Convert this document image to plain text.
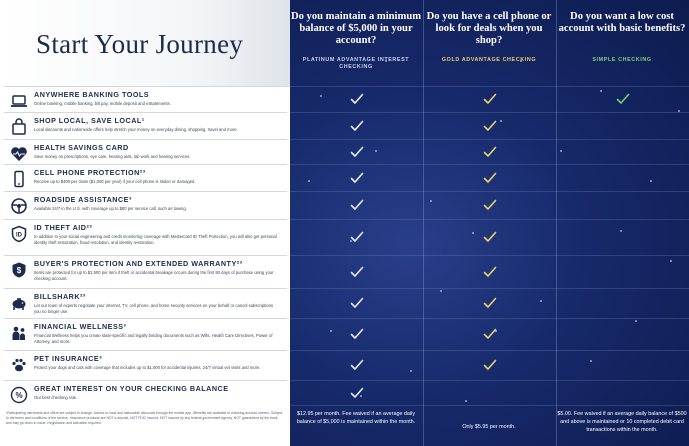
Start Your Journey
ANYWHERE BANKING TOOLS
Online banking, mobile banking, bill pay, mobile deposit and eStatements.
SHOP LOCAL, SAVE LOCAL¹
Local discounts and nationwide offers help stretch your money on everyday dining, shopping, travel and more.
HEALTH SAVINGS CARD
Save money on prescriptions, eye care, hearing aids, lab work and hearing services.
CELL PHONE PROTECTION²³
Receive up to $400 per claim ($1,000 per year) if your cell phone is stolen or damaged.
ROADSIDE ASSISTANCE³
Available 24/7 in the U.S. with coverage up to $80 per service call, such as towing.
ID
ID THEFT AID²³
In addition to your social engineering and credit monitoring coverage with Mastercard ID Theft Protection, you will also get personal identity theft restoration, fraud resolution, and identity restoration.
$
BUYER'S PROTECTION AND EXTENDED WARRANTY²³
Items are protected for up to $2,500 per item if theft or accidental breakage occurs during the first 90 days of purchase using your checking account.
BILLSHARK²³
Let our team of experts negotiate your internet, TV, cell phone, and home security services on your behalf or cancel subscriptions you no longer use.
FINANCIAL WELLNESS³
Financial Wellness helps you create state-specific and legally binding documents such as Wills, Health Care Directives, Power of Attorney, and more.
PET INSURANCE³
Protect your dogs and cats with coverage that includes up to $1,000 for accidental injuries, 24/7 virtual vet visits and more.
%
GREAT INTEREST ON YOUR CHECKING BALANCE
Our best checking rate.
¹Participating merchants and offers are subject to change. Access to local and nationwide discounts through the mobile app. ²Benefits are available to checking account owners. Subject to the terms and conditions of the service. ³Insurance products are NOT a deposit, NOT FDIC insured, NOT insured by any federal government agency, NOT guaranteed by the bank, and may go down in value. Registration and activation required.
Do you maintain a minimum balance of $5,000 in your account?
Do you have a cell phone or look for deals when you shop?
Do you want a low cost account with basic benefits?
PLATINUM ADVANTAGE INTEREST CHECKING
GOLD ADVANTAGE CHECKING	SIMPLE CHECKING
$12.95 per month. Fee waived if an average daily balance of $5,000 is maintained within the month.
Only $5.95 per month.
$5.00. Fee waived if an average daily balance of $500 and above is maintained or 10 completed debit card transactions within the month.
